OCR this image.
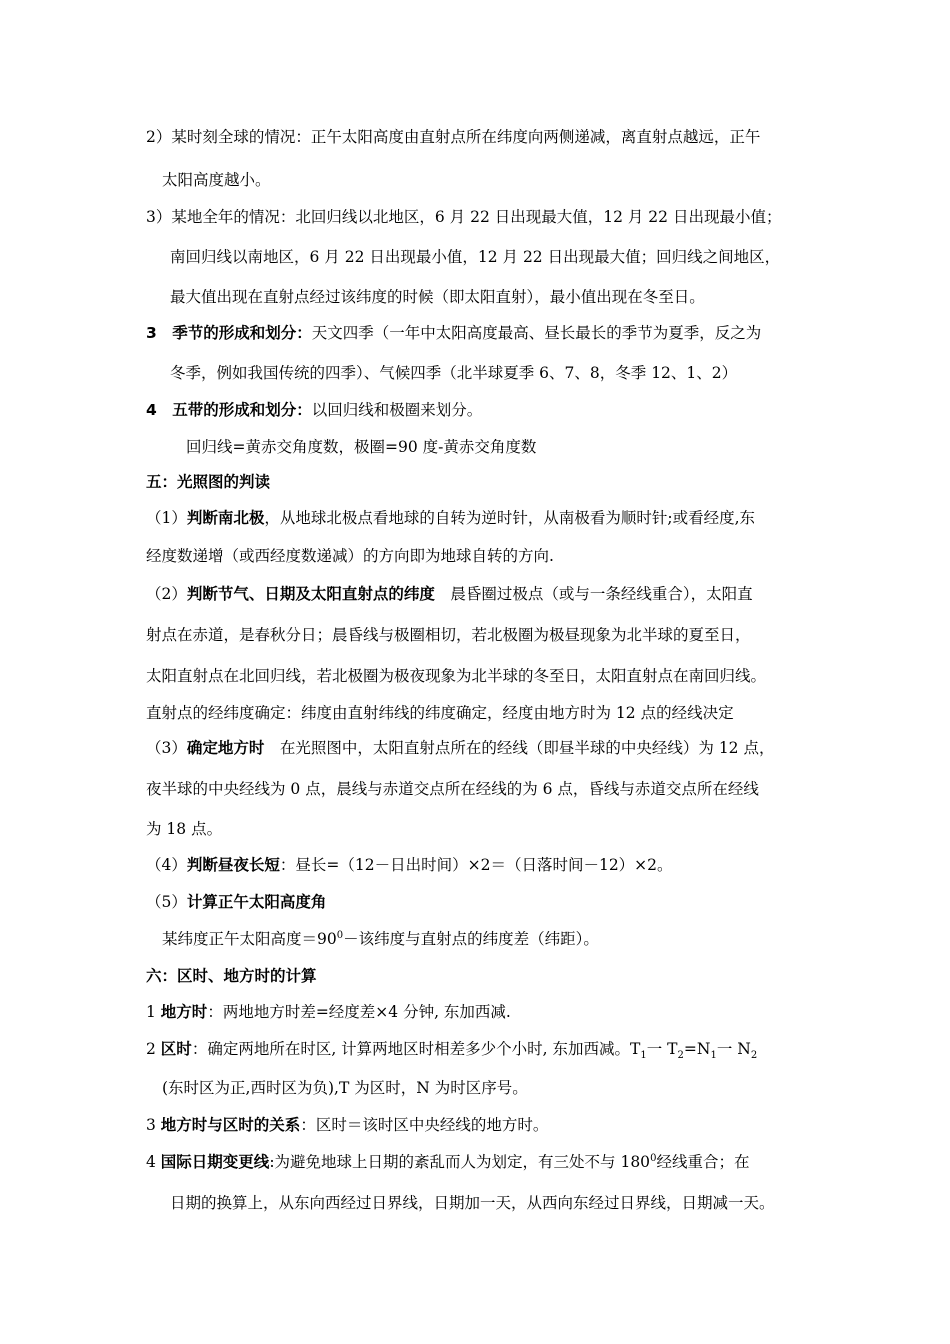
2）某时刻全球的情况：正午太阳高度由直射点所在纬度向两侧递减，离直射点越远，正午
太阳高度越小。
3）某地全年的情况：北回归线以北地区，6 月 22 日出现最大值，12 月 22 日出现最小值；
南回归线以南地区，6 月 22 日出现最小值，12 月 22 日出现最大值；回归线之间地区，
最大值出现在直射点经过该纬度的时候（即太阳直射），最小值出现在冬至日。
3　季节的形成和划分：天文四季（一年中太阳高度最高、昼长最长的季节为夏季，反之为
冬季，例如我国传统的四季）、气候四季（北半球夏季 6、7、8，冬季 12、1、2）
4　五带的形成和划分：以回归线和极圈来划分。
回归线=黄赤交角度数，极圈=90 度-黄赤交角度数
五：光照图的判读
（1）判断南北极，从地球北极点看地球的自转为逆时针，从南极看为顺时针;或看经度,东
经度数递增（或西经度数递减）的方向即为地球自转的方向.
（2）判断节气、日期及太阳直射点的纬度　晨昏圈过极点（或与一条经线重合），太阳直
射点在赤道，是春秋分日；晨昏线与极圈相切，若北极圈为极昼现象为北半球的夏至日，
太阳直射点在北回归线，若北极圈为极夜现象为北半球的冬至日，太阳直射点在南回归线。
直射点的经纬度确定：纬度由直射纬线的纬度确定，经度由地方时为 12 点的经线决定
（3）确定地方时　在光照图中，太阳直射点所在的经线（即昼半球的中央经线）为 12 点，
夜半球的中央经线为 0 点，晨线与赤道交点所在经线的为 6 点，昏线与赤道交点所在经线
为 18 点。
（4）判断昼夜长短：昼长=（12－日出时间）×2＝（日落时间－12）×2。
（5）计算正午太阳高度角
某纬度正午太阳高度$=90^0-$该纬度与直射点的纬度差（纬距）。
六：区时、地方时的计算
1 地方时：两地地方时差=经度差×4 分钟, 东加西减.
2 区时：确定两地所在时区, 计算两地区时相差多少个小时, 东加西减。$T_1$一 $T_2=N_1$一 $N_2$
(东时区为正,西时区为负),T 为区时，N 为时区序号。
3 地方时与区时的关系：区时＝该时区中央经线的地方时。
4 国际日期变更线:为避免地球上日期的紊乱而人为划定，有三处不与 $180^0$经线重合；在
日期的换算上，从东向西经过日界线，日期加一天，从西向东经过日界线，日期减一天。
